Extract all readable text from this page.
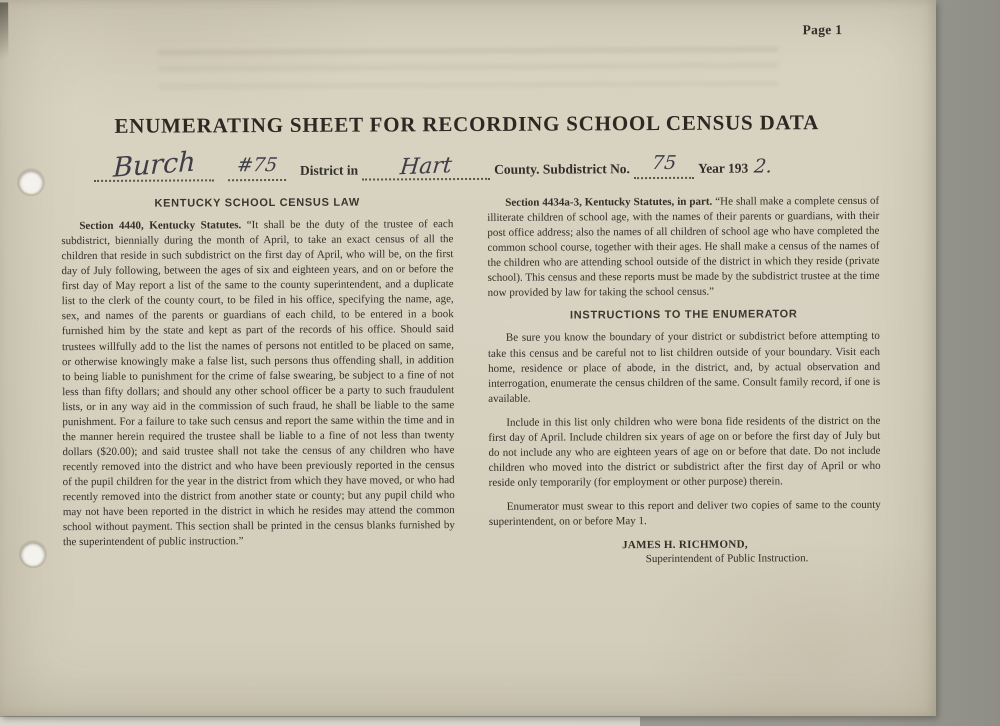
Page 1
ENUMERATING SHEET FOR RECORDING SCHOOL CENSUS DATA
Burch	#75	District in	Hart	County. Subdistrict No.	75	Year 193 2.
KENTUCKY SCHOOL CENSUS LAW

Section 4440, Kentucky Statutes. “It shall be the duty of the trustee of each subdistrict, biennially during the month of April, to take an exact census of all the children that reside in such subdistrict on the first day of April, who will be, on the first day of July following, between the ages of six and eighteen years, and on or before the first day of May report a list of the same to the county superintendent, and a duplicate list to the clerk of the county court, to be filed in his office, specifying the name, age, sex, and names of the parents or guardians of each child, to be entered in a book furnished him by the state and kept as part of the records of his office. Should said trustees willfully add to the list the names of persons not entitled to be placed on same, or otherwise knowingly make a false list, such persons thus offending shall, in addition to being liable to punishment for the crime of false swearing, be subject to a fine of not less than fifty dollars; and should any other school officer be a party to such fraudulent lists, or in any way aid in the commission of such fraud, he shall be liable to the same punishment. For a failure to take such census and report the same within the time and in the manner herein required the trustee shall be liable to a fine of not less than twenty dollars ($20.00); and said trustee shall not take the census of any children who have recently removed into the district and who have been previously reported in the census of the pupil children for the year in the district from which they have moved, or who had recently removed into the district from another state or county; but any pupil child who may not have been reported in the district in which he resides may attend the common school without payment. This section shall be printed in the census blanks furnished by the superintendent of public instruction.”

Section 4434a-3, Kentucky Statutes, in part. “He shall make a complete census of illiterate children of school age, with the names of their parents or guardians, with their post office address; also the names of all children of school age who have completed the common school course, together with their ages. He shall make a census of the names of the children who are attending school outside of the district in which they reside (private school). This census and these reports must be made by the subdistrict trustee at the time now provided by law for taking the school census.”

INSTRUCTIONS TO THE ENUMERATOR

Be sure you know the boundary of your district or subdistrict before attempting to take this census and be careful not to list children outside of your boundary. Visit each home, residence or place of abode, in the district, and, by actual observation and interrogation, enumerate the census children of the same. Consult family record, if one is available.

Include in this list only children who were bona fide residents of the district on the first day of April. Include children six years of age on or before the first day of July but do not include any who are eighteen years of age on or before that date. Do not include children who moved into the district or subdistrict after the first day of April or who reside only temporarily (for employment or other purpose) therein.

Enumerator must swear to this report and deliver two copies of same to the county superintendent, on or before May 1.

JAMES H. RICHMOND,
Superintendent of Public Instruction.
